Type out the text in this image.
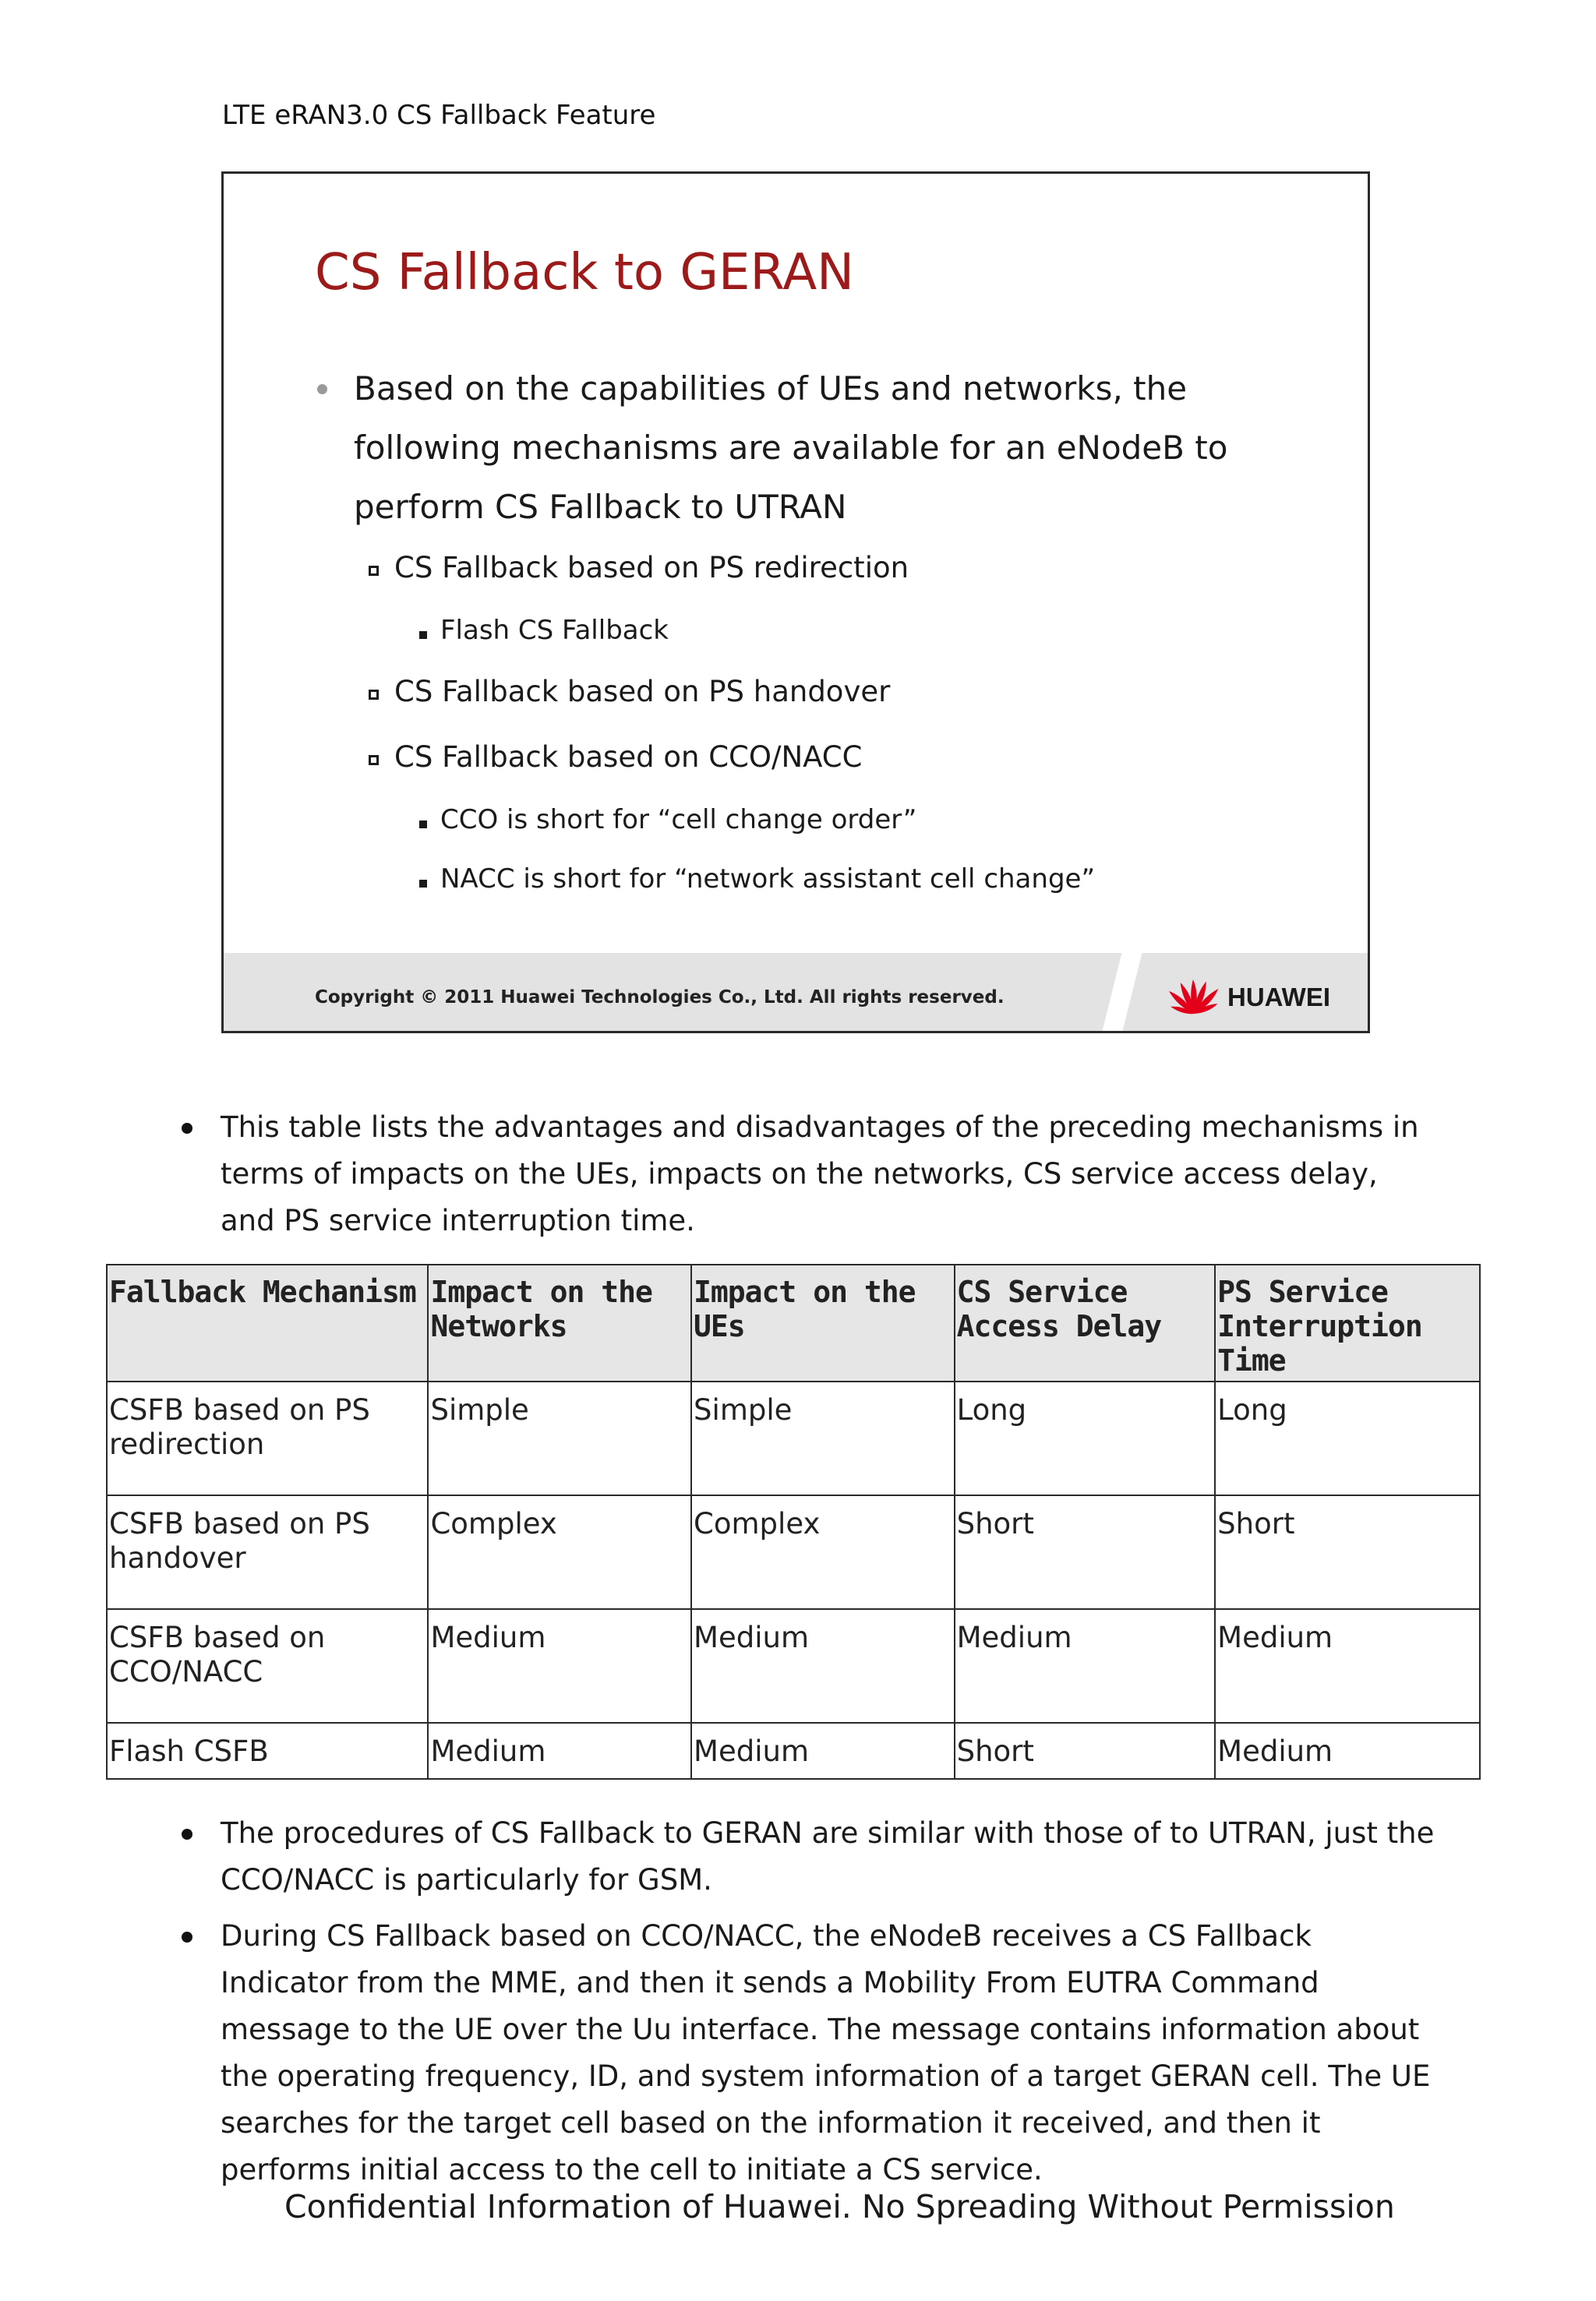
LTE eRAN3.0 CS Fallback Feature
CS Fallback to GERAN
Based on the capabilities of UEs and networks, the following mechanisms are available for an eNodeB to perform CS Fallback to UTRAN
CS Fallback based on PS redirection
Flash CS Fallback
CS Fallback based on PS handover
CS Fallback based on CCO/NACC
CCO is short for “cell change order”
NACC is short for “network assistant cell change”
Copyright © 2011 Huawei Technologies Co., Ltd. All rights reserved.	HUAWEI
This table lists the advantages and disadvantages of the preceding mechanisms in terms of impacts on the UEs, impacts on the networks, CS service access delay, and PS service interruption time.
Fallback Mechanism	Impact on the Networks	Impact on the UEs	CS Service Access Delay	PS Service Interruption Time
CSFB based on PS redirection	Simple	Simple	Long	Long
CSFB based on PS handover	Complex	Complex	Short	Short
CSFB based on CCO/NACC	Medium	Medium	Medium	Medium
Flash CSFB	Medium	Medium	Short	Medium
The procedures of CS Fallback to GERAN are similar with those of to UTRAN, just the CCO/NACC is particularly for GSM.
During CS Fallback based on CCO/NACC, the eNodeB receives a CS Fallback Indicator from the MME, and then it sends a Mobility From EUTRA Command message to the UE over the Uu interface. The message contains information about the operating frequency, ID, and system information of a target GERAN cell. The UE searches for the target cell based on the information it received, and then it performs initial access to the cell to initiate a CS service.
Confidential Information of Huawei. No Spreading Without Permission
